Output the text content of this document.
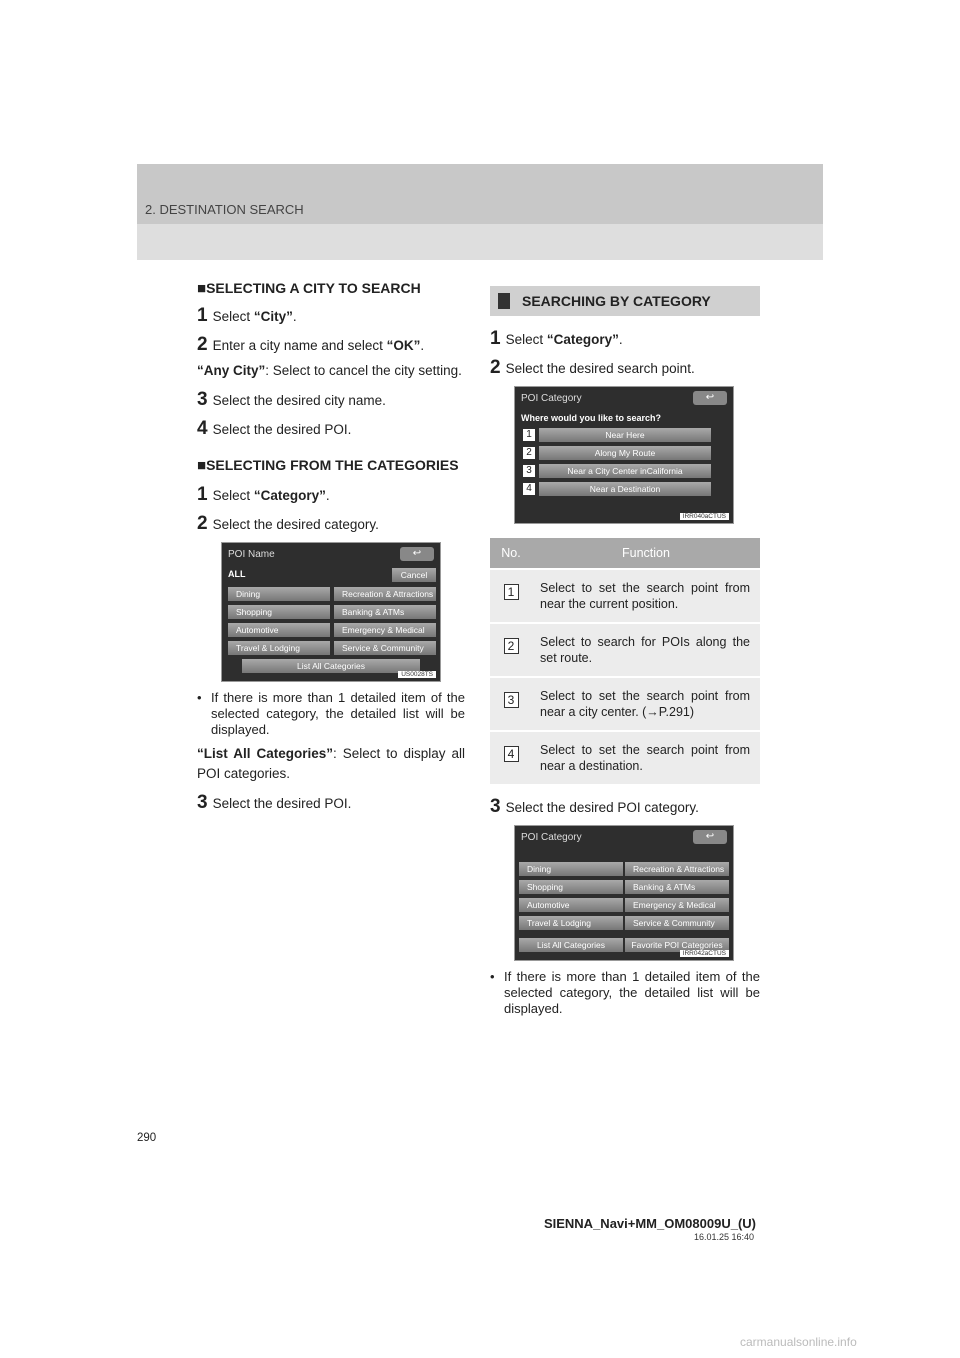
2. DESTINATION SEARCH
■SELECTING A CITY TO SEARCH
1 Select “City”.
2 Enter a city name and select “OK”.
“Any City”: Select to cancel the city setting.
3 Select the desired city name.
4 Select the desired POI.
■SELECTING FROM THE CATEGORIES
1 Select “Category”.
2 Select the desired category.
POI Name	↩
ALL	Cancel
Dining	Recreation & Attractions
Shopping	Banking & ATMs
Automotive	Emergency & Medical
Travel & Lodging	Service & Community
List All Categories
US0028TS
• If there is more than 1 detailed item of the selected category, the detailed list will be displayed.
“List All Categories”: Select to display all POI categories.
3 Select the desired POI.
SEARCHING BY CATEGORY
1 Select “Category”.
2 Select the desired search point.
POI Category	↩
Where would you like to search?
1	Near Here
2	Along My Route
3	Near a City Center inCalifornia
4	Near a Destination
IRR040aCTUS
No.	Function
1	Select to set the search point from near the current position.
2	Select to search for POIs along the set route.
3	Select to set the search point from near a city center. (→P.291)
4	Select to set the search point from near a destination.
3 Select the desired POI category.
POI Category	↩
Dining	Recreation & Attractions
Shopping	Banking & ATMs
Automotive	Emergency & Medical
Travel & Lodging	Service & Community
List All Categories	Favorite POI Categories
IRR042aCTUS
• If there is more than 1 detailed item of the selected category, the detailed list will be displayed.
290
SIENNA_Navi+MM_OM08009U_(U)
16.01.25 16:40
carmanualsonline.info
